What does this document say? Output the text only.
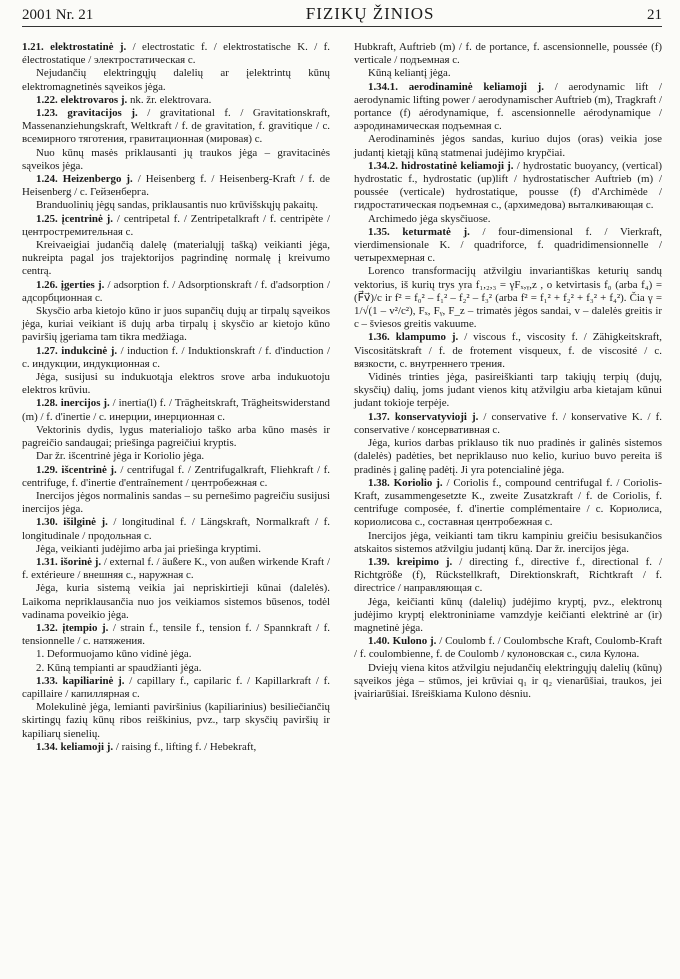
2001 Nr. 21	FIZIKŲ ŽINIOS	21

1.21. elektrostatinė j. / electrostatic f. / elektrostatische K. / f. électrostatique / электростатическая с.

Nejudančių elektringųjų dalelių ar įelektrintų kūnų elektromagnetinės sąveikos jėga.

1.22. elektrovaros j. nk. žr. elektrovara.

1.23. gravitacijos j. / gravitational f. / Gravitationskraft, Massenanziehungskraft, Weltkraft / f. de gravitation, f. gravitique / с. всемирного тяготения, гравитационная (мировая) с.

Nuo kūnų masės priklausanti jų traukos jėga – gravitacinės sąveikos jėga.

1.24. Heizenbergo j. / Heisenberg f. / Heisenberg-Kraft / f. de Heisenberg / с. Гейзенберга.

Branduolinių jėgų sandas, priklausantis nuo krūvišskųjų pakaitų.

1.25. įcentrinė j. / centripetal f. / Zentripetalkraft / f. centripète / центростремительная с.

Kreivaeigiai judančią dalelę (materialųjį tašką) veikianti jėga, nukreipta pagal jos trajektorijos pagrindinę normalę į kreivumo centrą.

1.26. įgerties j. / adsorption f. / Adsorptionskraft / f. d'adsorption / адсорбционная с.

Skysčio arba kietojo kūno ir juos supančių dujų ar tirpalų sąveikos jėga, kuriai veikiant iš dujų arba tirpalų į skysčio ar kietojo kūno paviršių įgeriama tam tikra medžiaga.

1.27. indukcinė j. / induction f. / Induktionskraft / f. d'induction / с. индукции, индукционная с.

Jėga, susijusi su indukuotąja elektros srove arba indukuotoju elektros krūviu.

1.28. inercijos j. / inertia(l) f. / Trägheitskraft, Trägheitswiderstand (m) / f. d'inertie / с. инерции, инерционная с.

Vektorinis dydis, lygus materialiojo taško arba kūno masės ir pagreičio sandaugai; priešinga pagreičiui kryptis.

Dar žr. išcentrinė jėga ir Koriolio jėga.

1.29. išcentrinė j. / centrifugal f. / Zentrifugalkraft, Fliehkraft / f. centrifuge, f. d'inertie d'entraînement / центробежная с.

Inercijos jėgos normalinis sandas – su pernešimo pagreičiu susijusi inercijos jėga.

1.30. išilginė j. / longitudinal f. / Längskraft, Normalkraft / f. longitudinale / продольная с.

Jėga, veikianti judėjimo arba jai priešinga kryptimi.

1.31. išorinė j. / external f. / äußere K., von außen wirkende Kraft / f. extérieure / внешняя с., наружная с.

Jėga, kuria sistemą veikia jai nepriskirtieji kūnai (dalelės). Laikoma nepriklausančia nuo jos veikiamos sistemos būsenos, todėl vadinama poveikio jėga.

1.32. įtempio j. / strain f., tensile f., tension f. / Spannkraft / f. tensionnelle / с. натяжения.

1. Deformuojamo kūno vidinė jėga.

2. Kūną tempianti ar spaudžianti jėga.

1.33. kapiliarinė j. / capillary f., capilaric f. / Kapillarkraft / f. capillaire / капиллярная с.

Molekulinė jėga, lemianti paviršinius (kapiliarinius) besiliečiančių skirtingų fazių kūnų ribos reiškinius, pvz., tarp skysčių paviršių ir kapiliarų sienelių.

1.34. keliamoji j. / raising f., lifting f. / Hebekraft,

Hubkraft, Auftrieb (m) / f. de portance, f. ascensionnelle, poussée (f) verticale / подъемная с.

Kūną keliantį jėga.

1.34.1. aerodinaminė keliamoji j. / aerodynamic lift / aerodynamic lifting power / aerodynamischer Auftrieb (m), Tragkraft / portance (f) aérodynamique, f. ascensionnelle aérodynamique / аэродинамическая подъемная с.

Aerodinaminės jėgos sandas, kuriuo dujos (oras) veikia jose judantį kietąjį kūną statmenai judėjimo krypčiai.

1.34.2. hidrostatinė keliamoji j. / hydrostatic buoyancy, (vertical) hydrostatic f., hydrostatic (up)lift / hydrostatischer Auftrieb (m) / poussée (verticale) hydrostatique, pousse (f) d'Archimède / гидростатическая подъемная с., (архимедова) выталкивающая с.

Archimedo jėga skysčiuose.

1.35. keturmatė j. / four-dimensional f. / Vierkraft, vierdimensionale K. / quadriforce, f. quadridimensionnelle / четырехмерная с.

Lorenco transformacijų atžvilgiu invariantiškas keturių sandų vektorius, iš kurių trys yra f₁,₂,₃ = γFₓ,ᵧ,z , o ketvirtasis f₀ (arba f₄) = (F⃗v⃗)/c ir f² = f₀² – f₁² – f₂² – f₃² (arba f² = f₁² + f₂² + f₃² + f₄²). Čia γ = 1/√(1 – v²/c²), Fₓ, Fᵧ, F_z – trimatės jėgos sandai, v – dalelės greitis ir c – šviesos greitis vakuume.

1.36. klampumo j. / viscous f., viscosity f. / Zähigkeitskraft, Viscositätskraft / f. de frotement visqueux, f. de viscosité / с. вязкости, с. внутреннего трения.

Vidinės trinties jėga, pasireiškianti tarp takiųjų terpių (dujų, skysčių) dalių, joms judant vienos kitų atžvilgiu arba kietajam kūnui judant tokioje terpėje.

1.37. konservatyvioji j. / conservative f. / konservative K. / f. conservative / консервативная с.

Jėga, kurios darbas priklauso tik nuo pradinės ir galinės sistemos (dalelės) padėties, bet nepriklauso nuo kelio, kuriuo buvo pereita iš pradinės į galinę padėtį. Ji yra potencialinė jėga.

1.38. Koriolio j. / Coriolis f., compound centrifugal f. / Coriolis-Kraft, zusammengesetzte K., zweite Zusatzkraft / f. de Coriolis, f. centrifuge composée, f. d'inertie complémentaire / с. Кориолиса, кориолисова с., составная центробежная с.

Inercijos jėga, veikianti tam tikru kampiniu greičiu besisukančios atskaitos sistemos atžvilgiu judantį kūną. Dar žr. inercijos jėga.

1.39. kreipimo j. / directing f., directive f., directional f. / Richtgröße (f), Rückstellkraft, Direktionskraft, Richtkraft / f. directrice / направляющая с.

Jėga, keičianti kūnų (dalelių) judėjimo kryptį, pvz., elektronų judėjimo kryptį elektroniniame vamzdyje keičianti elektrinė ar (ir) magnetinė jėga.

1.40. Kulono j. / Coulomb f. / Coulombsche Kraft, Coulomb-Kraft / f. coulombienne, f. de Coulomb / кулоновская с., сила Кулона.

Dviejų viena kitos atžvilgiu nejudančių elektringųjų dalelių (kūnų) sąveikos jėga – stūmos, jei krūviai q₁ ir q₂ vienarūšiai, traukos, jei įvairiarūšiai. Išreiškiama Kulono dėsniu.
